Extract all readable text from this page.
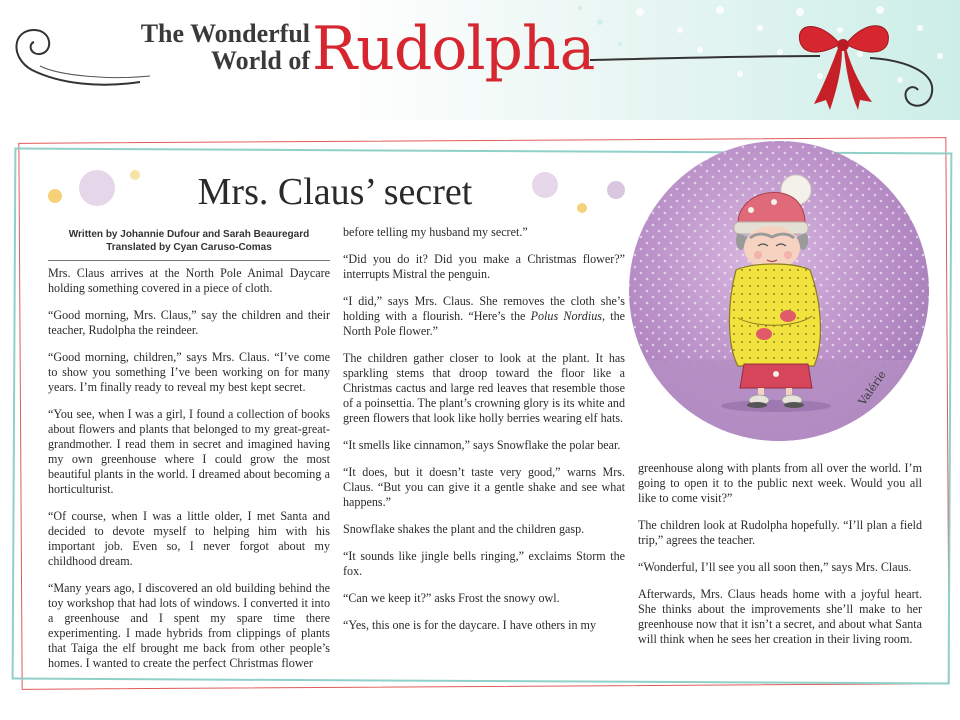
The Wonderful
World of Rudolpha
Mrs. Claus’ secret
Written by Johannie Dufour and Sarah Beauregard
Translated by Cyan Caruso-Comas

Mrs. Claus arrives at the North Pole Animal Daycare holding something covered in a piece of cloth.

“Good morning, Mrs. Claus,” say the children and their teacher, Rudolpha the reindeer.

“Good morning, children,” says Mrs. Claus. “I’ve come to show you something I’ve been working on for many years. I’m finally ready to reveal my best kept secret.

“You see, when I was a girl, I found a collection of books about flowers and plants that belonged to my great-great-grandmother. I read them in secret and imagined having my own greenhouse where I could grow the most beautiful plants in the world. I dreamed about becoming a horticulturist.

“Of course, when I was a little older, I met Santa and decided to devote myself to helping him with his important job. Even so, I never forgot about my childhood dream.

“Many years ago, I discovered an old building behind the toy workshop that had lots of windows. I converted it into a greenhouse and I spent my spare time there experimenting. I made hybrids from clippings of plants that Taiga the elf brought me back from other people’s homes. I wanted to create the perfect Christmas flower

before telling my husband my secret.”

“Did you do it? Did you make a Christmas flower?” interrupts Mistral the penguin.

“I did,” says Mrs. Claus. She removes the cloth she’s holding with a flourish. “Here’s the Polus Nordius, the North Pole flower.”

The children gather closer to look at the plant. It has sparkling stems that droop toward the floor like a Christmas cactus and large red leaves that resemble those of a poinsettia. The plant’s crowning glory is its white and green flowers that look like holly berries wearing elf hats.

“It smells like cinnamon,” says Snowflake the polar bear.

“It does, but it doesn’t taste very good,” warns Mrs. Claus. “But you can give it a gentle shake and see what happens.”

Snowflake shakes the plant and the children gasp.

“It sounds like jingle bells ringing,” exclaims Storm the fox.

“Can we keep it?” asks Frost the snowy owl.

“Yes, this one is for the daycare. I have others in my

greenhouse along with plants from all over the world. I’m going to open it to the public next week. Would you all like to come visit?”

The children look at Rudolpha hopefully. “I’ll plan a field trip,” agrees the teacher.

“Wonderful, I’ll see you all soon then,” says Mrs. Claus.

Afterwards, Mrs. Claus heads home with a joyful heart. She thinks about the improvements she’ll make to her greenhouse now that it isn’t a secret, and about what Santa will think when he sees her creation in their living room.

Valérie
